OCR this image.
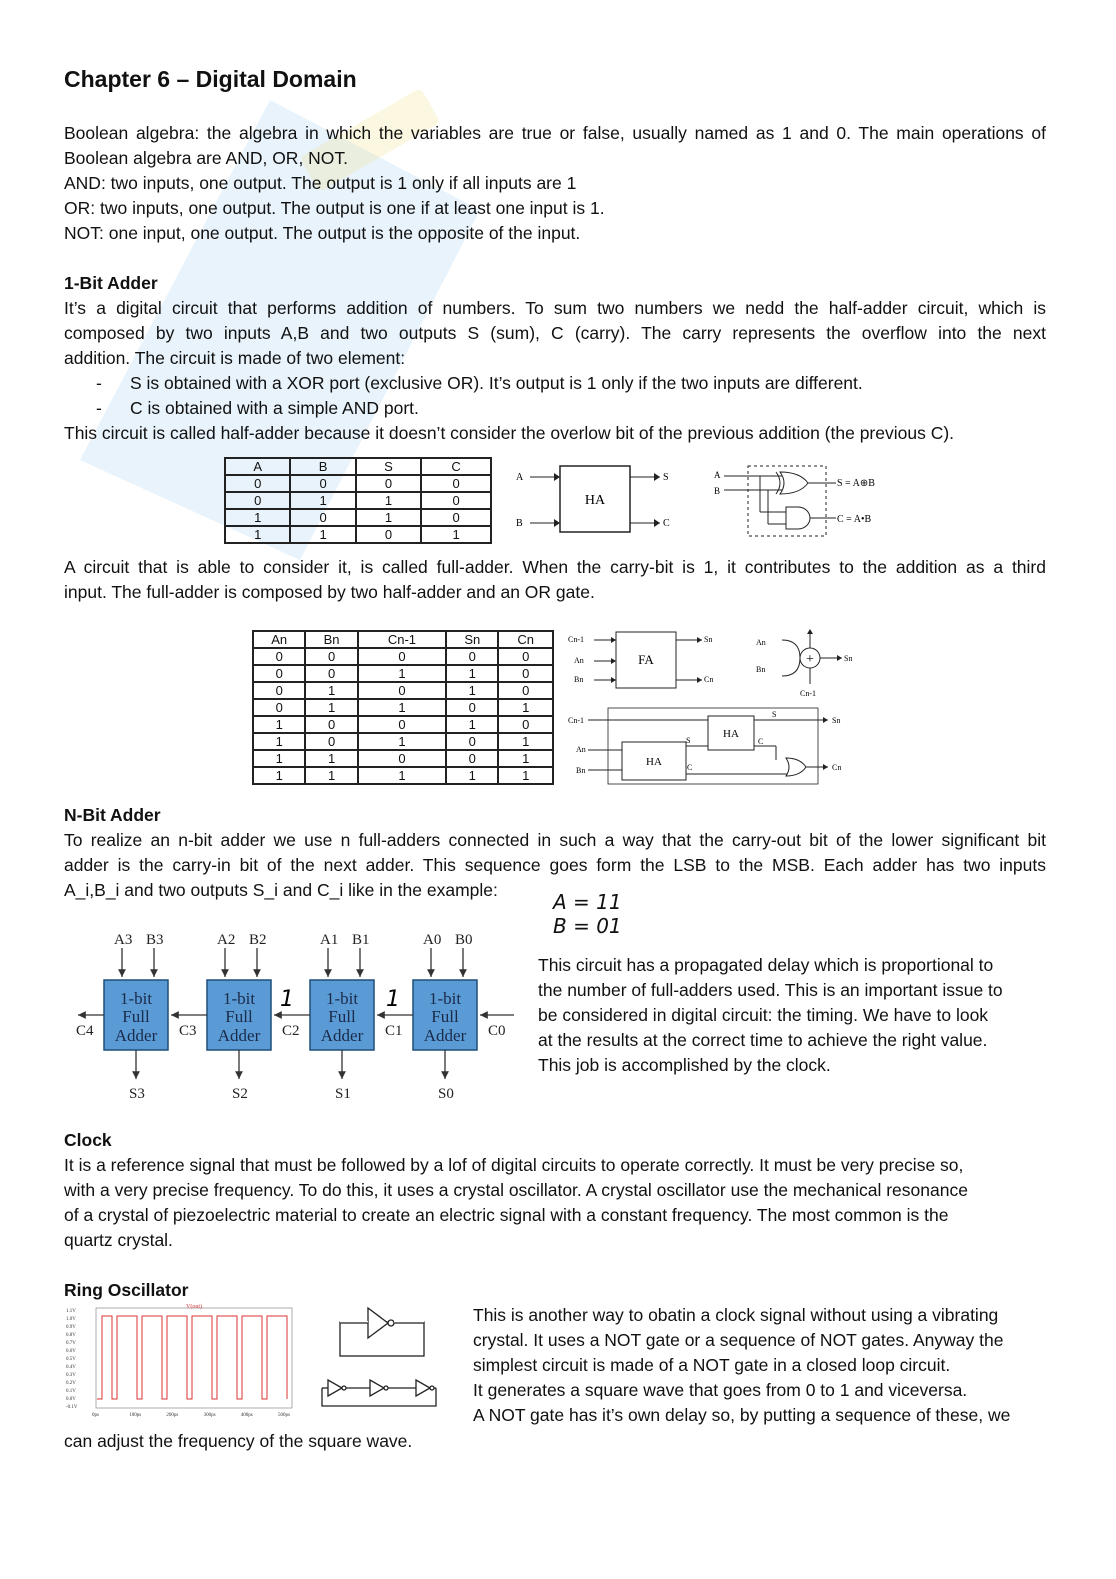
Chapter 6 – Digital Domain
Boolean algebra: the algebra in which the variables are true or false, usually named as 1 and 0. The main operations of
Boolean algebra are AND, OR, NOT.
AND: two inputs, one output. The output is 1 only if all inputs are 1
OR: two inputs, one output. The output is one if at least one input is 1.
NOT: one input, one output. The output is the opposite of the input.
1-Bit Adder
It’s a digital circuit that performs addition of numbers. To sum two numbers we nedd the half-adder circuit, which is
composed by two inputs A,B and two outputs S (sum), C (carry). The carry represents the overflow into the next
addition. The circuit is made of two element:
- S is obtained with a XOR port (exclusive OR). It’s output is 1 only if the two inputs are different.
- C is obtained with a simple AND port.
This circuit is called half-adder because it doesn’t consider the overlow bit of the previous addition (the previous C).
A	B	S	C
0	0	0	0
0	1	1	0
1	0	1	0
1	1	0	1
HA
A
B
S
C
A
B
S = A⊕B
C = A•B
A circuit that is able to consider it, is called full-adder. When the carry-bit is 1, it contributes to the addition as a third
input. The full-adder is composed by two half-adder and an OR gate.
An	Bn	Cn-1	Sn	Cn
0	0	0	0	0
0	0	1	1	0
0	1	0	1	0
0	1	1	0	1
1	0	0	1	0
1	0	1	0	1
1	1	0	0	1
1	1	1	1	1
FA
Cn-1
An
Bn
Sn
Cn
+
An
Bn
Sn
Cn-1
HA
HA
Cn-1
An
Bn
Sn
Cn
S
S	C
C
N-Bit Adder
To realize an n-bit adder we use n full-adders connected in such a way that the carry-out bit of the lower significant bit
adder is the carry-in bit of the next adder. This sequence goes form the LSB to the MSB. Each adder has two inputs
A_i,B_i and two outputs S_i and C_i like in the example:	A = 11
B = 01
1-bit
Full
Adder
1-bit
Full
Adder
1-bit
Full
Adder
1-bit
Full
Adder
A3 B3	A2 B2	A1 B1	A0 B0
S3	S2	S1	S0
C4	C3	C2	C1	C0
1	1
This circuit has a propagated delay which is proportional to
the number of full-adders used. This is an important issue to
be considered in digital circuit: the timing. We have to look
at the results at the correct time to achieve the right value.
This job is accomplished by the clock.
Clock
It is a reference signal that must be followed by a lof of digital circuits to operate correctly. It must be very precise so,
with a very precise frequency. To do this, it uses a crystal oscillator. A crystal oscillator use the mechanical resonance
of a crystal of piezoelectric material to create an electric signal with a constant frequency. The most common is the
quartz crystal.
Ring Oscillator
V(out)
1.1V
1.0V
0.9V
0.8V
0.7V
0.6V
0.5V
0.4V
0.3V
0.2V
0.1V
0.0V
-0.1V
0ps	100ps	200ps	300ps	400ps	500ps
This is another way to obatin a clock signal without using a vibrating
crystal. It uses a NOT gate or a sequence of NOT gates. Anyway the
simplest circuit is made of a NOT gate in a closed loop circuit.
It generates a square wave that goes from 0 to 1 and viceversa.
A NOT gate has it’s own delay so, by putting a sequence of these, we
can adjust the frequency of the square wave.
